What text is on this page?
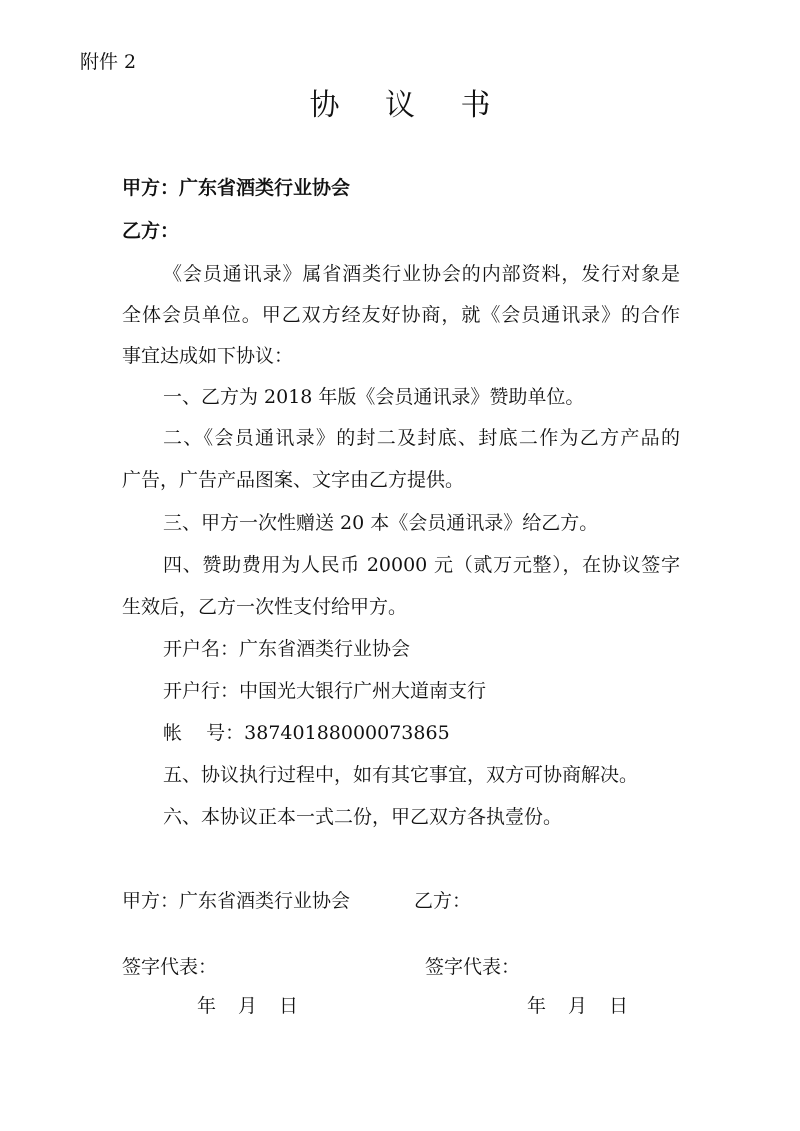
附件 2
协 议 书
甲方：广东省酒类行业协会
乙方：
《会员通讯录》属省酒类行业协会的内部资料，发行对象是
全体会员单位。甲乙双方经友好协商，就《会员通讯录》的合作
事宜达成如下协议：
一、乙方为 2018 年版《会员通讯录》赞助单位。
二、《会员通讯录》的封二及封底、封底二作为乙方产品的
广告，广告产品图案、文字由乙方提供。
三、甲方一次性赠送 20 本《会员通讯录》给乙方。
四、赞助费用为人民币 20000 元（贰万元整），在协议签字
生效后，乙方一次性支付给甲方。
开户名：广东省酒类行业协会
开户行：中国光大银行广州大道南支行
帐    号：38740188000073865
五、协议执行过程中，如有其它事宜，双方可协商解决。
六、本协议正本一式二份，甲乙双方各执壹份。
甲方：广东省酒类行业协会	乙方：
签字代表：	签字代表：
年 月 日	年 月 日
